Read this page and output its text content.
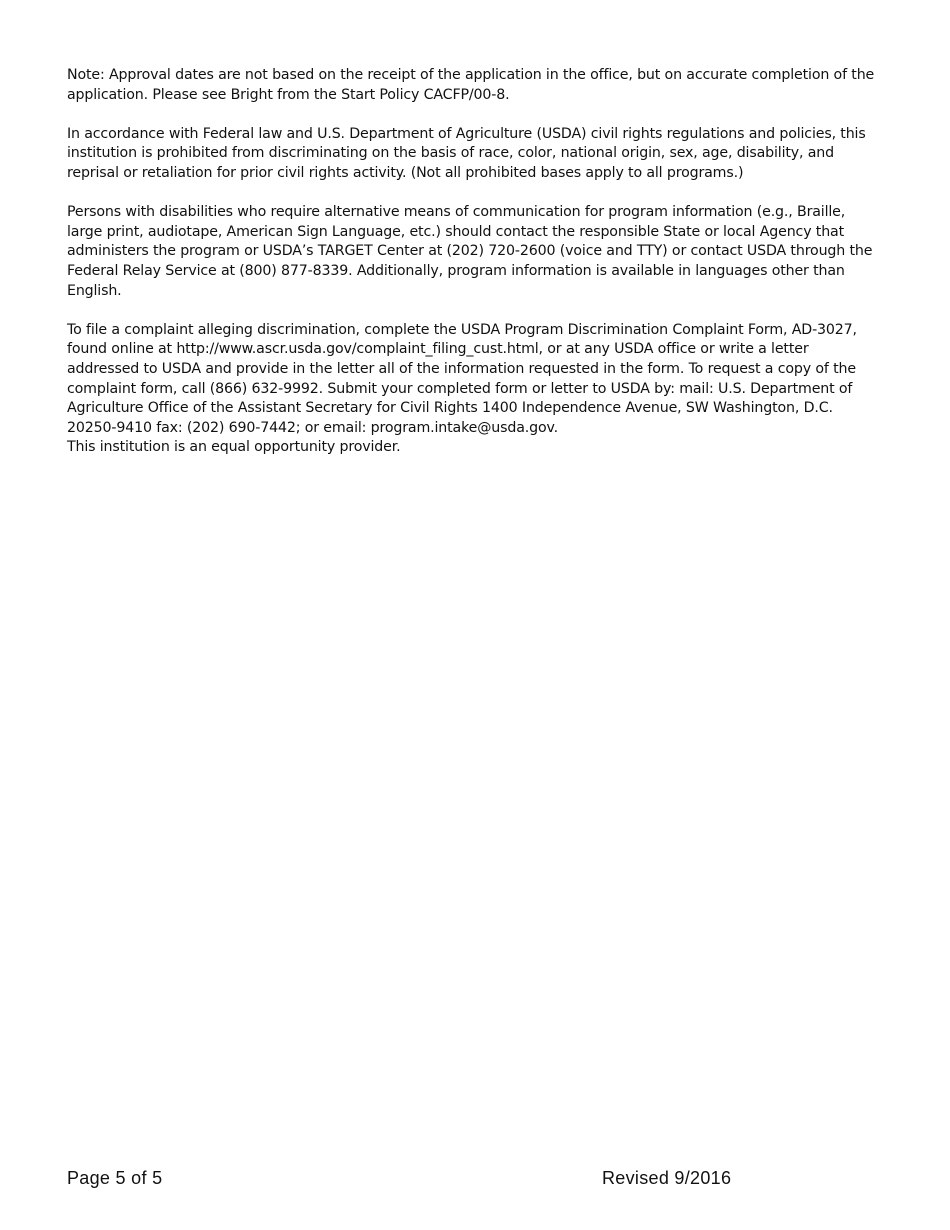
Note: Approval dates are not based on the receipt of the application in the office, but on accurate completion of the application. Please see Bright from the Start Policy CACFP/00-8.

In accordance with Federal law and U.S. Department of Agriculture (USDA) civil rights regulations and policies, this institution is prohibited from discriminating on the basis of race, color, national origin, sex, age, disability, and reprisal or retaliation for prior civil rights activity. (Not all prohibited bases apply to all programs.)

Persons with disabilities who require alternative means of communication for program information (e.g., Braille, large print, audiotape, American Sign Language, etc.) should contact the responsible State or local Agency that administers the program or USDA’s TARGET Center at (202) 720-2600 (voice and TTY) or contact USDA through the Federal Relay Service at (800) 877-8339. Additionally, program information is available in languages other than English.

To file a complaint alleging discrimination, complete the USDA Program Discrimination Complaint Form, AD-3027, found online at http://www.ascr.usda.gov/complaint_filing_cust.html, or at any USDA office or write a letter addressed to USDA and provide in the letter all of the information requested in the form. To request a copy of the complaint form, call (866) 632-9992. Submit your completed form or letter to USDA by: mail: U.S. Department of Agriculture Office of the Assistant Secretary for Civil Rights 1400 Independence Avenue, SW Washington, D.C. 20250-9410 fax: (202) 690-7442; or email: program.intake@usda.gov.

This institution is an equal opportunity provider.

Page 5 of 5	Revised 9/2016
